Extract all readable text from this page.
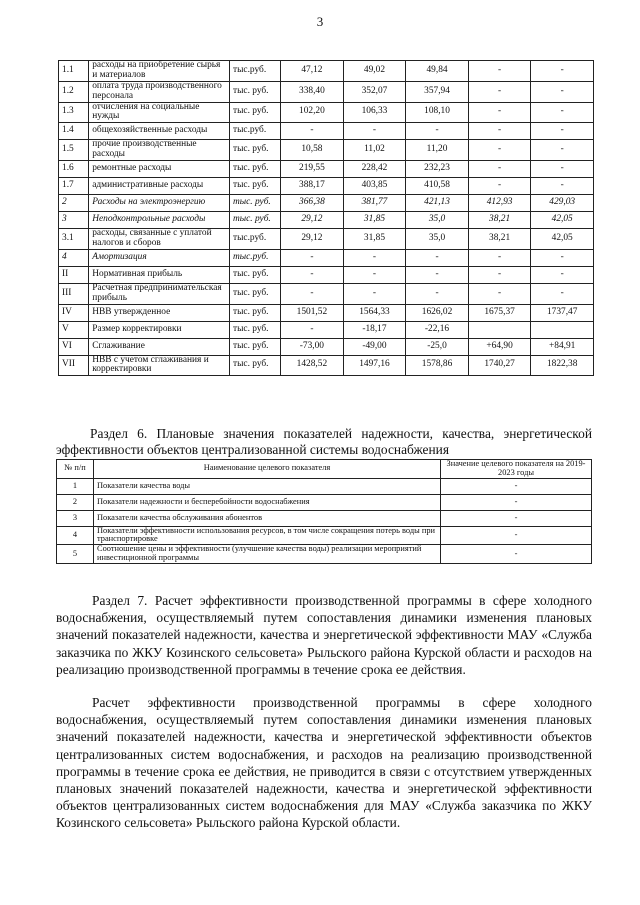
3
1.1	расходы на приобретение сырья и материалов	тыс.руб.	47,12	49,02	49,84	-	-
1.2	оплата труда производственного персонала	тыс. руб.	338,40	352,07	357,94	-	-
1.3	отчисления на социальные нужды	тыс. руб.	102,20	106,33	108,10	-	-
1.4	общехозяйственные расходы	тыс.руб.	-	-	-	-	-
1.5	прочие производственные расходы	тыс. руб.	10,58	11,02	11,20	-	-
1.6	ремонтные расходы	тыс. руб.	219,55	228,42	232,23	-	-
1.7	административные расходы	тыс. руб.	388,17	403,85	410,58	-	-
2	Расходы на электроэнергию	тыс. руб.	366,38	381,77	421,13	412,93	429,03
3	Неподконтрольные расходы	тыс. руб.	29,12	31,85	35,0	38,21	42,05
3.1	расходы, связанные с уплатой налогов и сборов	тыс.руб.	29,12	31,85	35,0	38,21	42,05
4	Амортизация	тыс.руб.	-	-	-	-	-
II	Нормативная прибыль	тыс. руб.	-	-	-	-	-
III	Расчетная предпринимательская прибыль	тыс. руб.	-	-	-	-	-
IV	НВВ утвержденное	тыс. руб.	1501,52	1564,33	1626,02	1675,37	1737,47
V	Размер корректировки	тыс. руб.	-	-18,17	-22,16		
VI	Сглаживание	тыс. руб.	-73,00	-49,00	-25,0	+64,90	+84,91
VII	НВВ с учетом сглаживания и корректировки	тыс. руб.	1428,52	1497,16	1578,86	1740,27	1822,38
Раздел 6. Плановые значения показателей надежности, качества, энергетической эффективности объектов централизованной системы водоснабжения
№ п/п	Наименование целевого показателя	Значение целевого показателя на 2019-2023 годы
1	Показатели качества воды	-
2	Показатели надежности и бесперебойности водоснабжения	-
3	Показатели качества обслуживания абонентов	-
4	Показатели эффективности использования ресурсов, в том числе сокращения потерь воды при транспортировке	-
5	Соотношение цены и эффективности (улучшение качества воды) реализации мероприятий инвестиционной программы	-
Раздел 7. Расчет эффективности производственной программы в сфере холодного водоснабжения, осуществляемый путем сопоставления динамики изменения плановых значений показателей надежности, качества и энергетической эффективности МАУ «Служба заказчика по ЖКУ Козинского сельсовета» Рыльского района Курской области и расходов на реализацию производственной программы в течение срока ее действия.
Расчет эффективности производственной программы в сфере холодного водоснабжения, осуществляемый путем сопоставления динамики изменения плановых значений показателей надежности, качества и энергетической эффективности объектов централизованных систем водоснабжения, и расходов на реализацию производственной программы в течение срока ее действия, не приводится в связи с отсутствием утвержденных плановых значений показателей надежности, качества и энергетической эффективности объектов централизованных систем водоснабжения для МАУ «Служба заказчика по ЖКУ Козинского сельсовета» Рыльского района Курской области.
